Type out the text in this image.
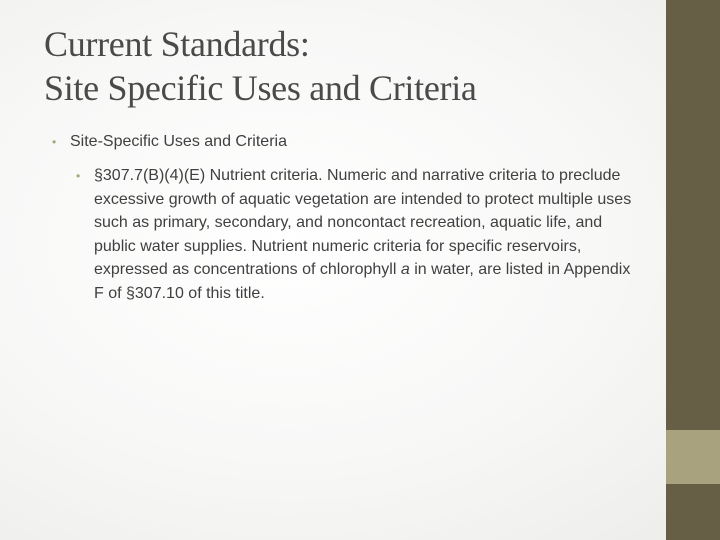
Current Standards:
Site Specific Uses and Criteria
• Site-Specific Uses and Criteria
• §307.7(B)(4)(E) Nutrient criteria. Numeric and narrative criteria to preclude excessive growth of aquatic vegetation are intended to protect multiple uses such as primary, secondary, and noncontact recreation, aquatic life, and public water supplies. Nutrient numeric criteria for specific reservoirs, expressed as concentrations of chlorophyll a in water, are listed in Appendix F of §307.10 of this title.
